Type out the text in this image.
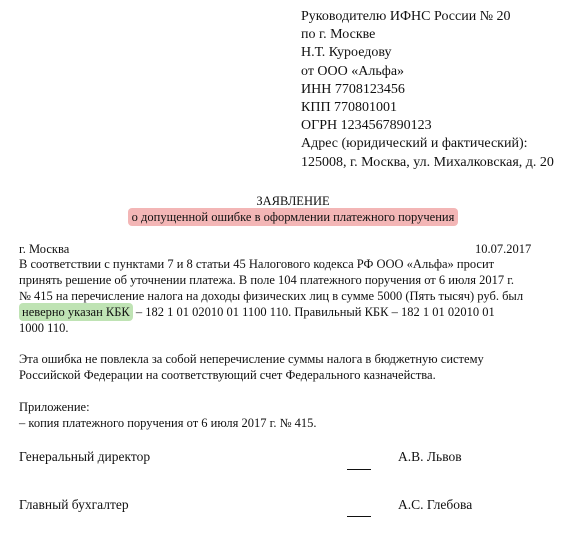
Руководителю ИФНС России № 20
по г. Москве
Н.Т. Куроедову
от ООО «Альфа»
ИНН 7708123456
КПП 770801001
ОГРН 1234567890123
Адрес (юридический и фактический):
125008, г. Москва, ул. Михалковская, д. 20
ЗАЯВЛЕНИЕ
о допущенной ошибке в оформлении платежного поручения
г. Москва	10.07.2017
В соответствии с пунктами 7 и 8 статьи 45 Налогового кодекса РФ ООО «Альфа» просит
принять решение об уточнении платежа. В поле 104 платежного поручения от 6 июля 2017 г.
№ 415 на перечисление налога на доходы физических лиц в сумме 5000 (Пять тысяч) руб. был
неверно указан КБК – 182 1 01 02010 01 1100 110. Правильный КБК – 182 1 01 02010 01
1000 110.
Эта ошибка не повлекла за собой неперечисление суммы налога в бюджетную систему
Российской Федерации на соответствующий счет Федерального казначейства.
Приложение:
– копия платежного поручения от 6 июля 2017 г. № 415.
Генеральный директор	А.В. Львов
Главный бухгалтер	А.С. Глебова
